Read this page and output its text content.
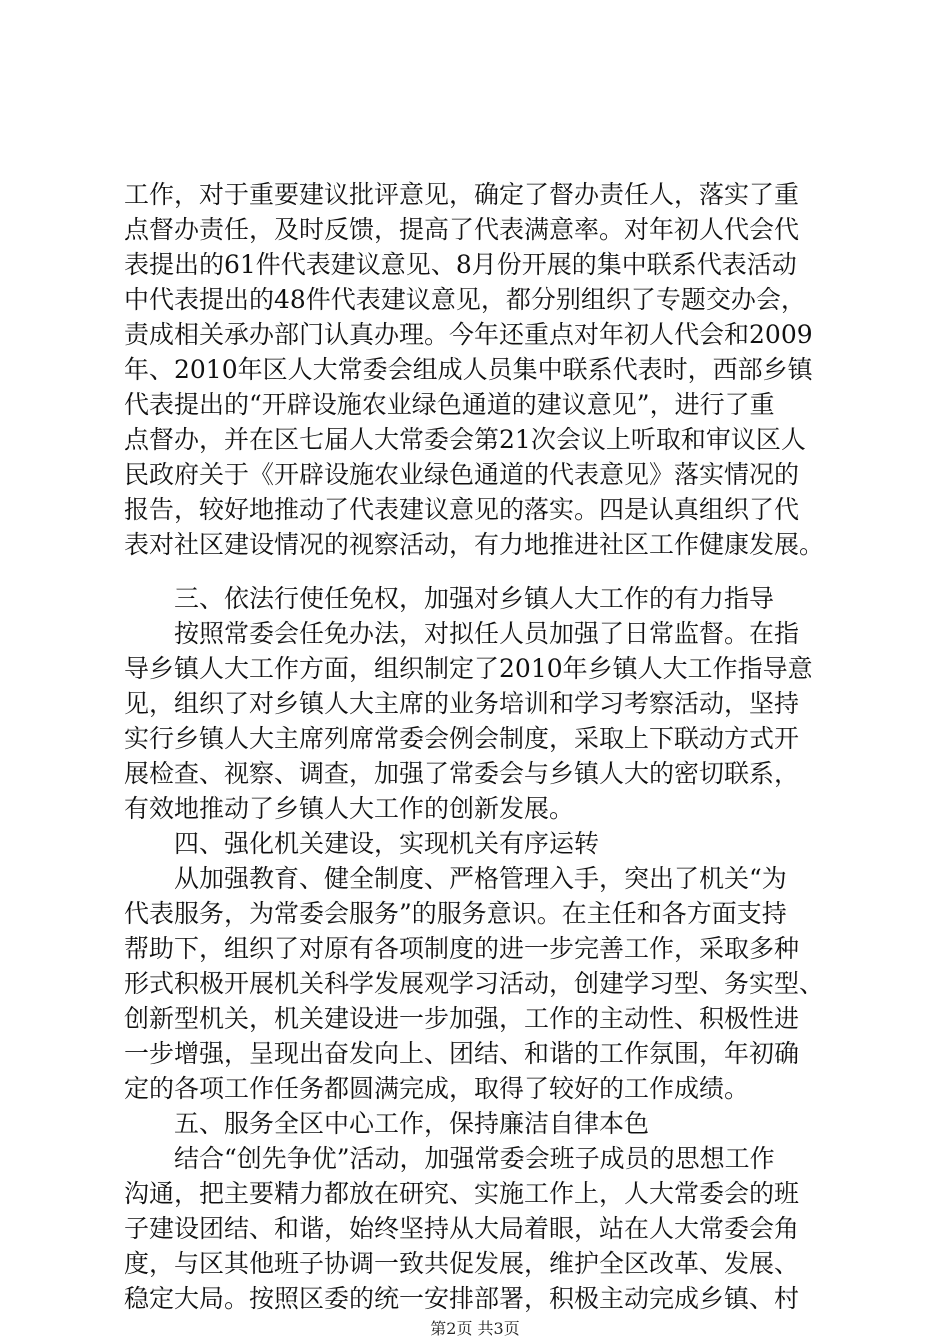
工作，对于重要建议批评意见，确定了督办责任人，落实了重
点督办责任，及时反馈，提高了代表满意率。对年初人代会代
表提出的61件代表建议意见、8月份开展的集中联系代表活动
中代表提出的48件代表建议意见，都分别组织了专题交办会，
责成相关承办部门认真办理。今年还重点对年初人代会和2009
年、2010年区人大常委会组成人员集中联系代表时，西部乡镇
代表提出的“开辟设施农业绿色通道的建议意见”，进行了重
点督办，并在区七届人大常委会第21次会议上听取和审议区人
民政府关于《开辟设施农业绿色通道的代表意见》落实情况的
报告，较好地推动了代表建议意见的落实。四是认真组织了代
表对社区建设情况的视察活动，有力地推进社区工作健康发展。
三、依法行使任免权，加强对乡镇人大工作的有力指导
按照常委会任免办法，对拟任人员加强了日常监督。在指
导乡镇人大工作方面，组织制定了2010年乡镇人大工作指导意
见，组织了对乡镇人大主席的业务培训和学习考察活动，坚持
实行乡镇人大主席列席常委会例会制度，采取上下联动方式开
展检查、视察、调查，加强了常委会与乡镇人大的密切联系，
有效地推动了乡镇人大工作的创新发展。
四、强化机关建设，实现机关有序运转
从加强教育、健全制度、严格管理入手，突出了机关“为
代表服务，为常委会服务”的服务意识。在主任和各方面支持
帮助下，组织了对原有各项制度的进一步完善工作，采取多种
形式积极开展机关科学发展观学习活动，创建学习型、务实型、
创新型机关，机关建设进一步加强，工作的主动性、积极性进
一步增强，呈现出奋发向上、团结、和谐的工作氛围，年初确
定的各项工作任务都圆满完成，取得了较好的工作成绩。
五、服务全区中心工作，保持廉洁自律本色
结合“创先争优”活动，加强常委会班子成员的思想工作
沟通，把主要精力都放在研究、实施工作上，人大常委会的班
子建设团结、和谐，始终坚持从大局着眼，站在人大常委会角
第2页 共3页
度，与区其他班子协调一致共促发展，维护全区改革、发展、
稳定大局。按照区委的统一安排部署，积极主动完成乡镇、村
